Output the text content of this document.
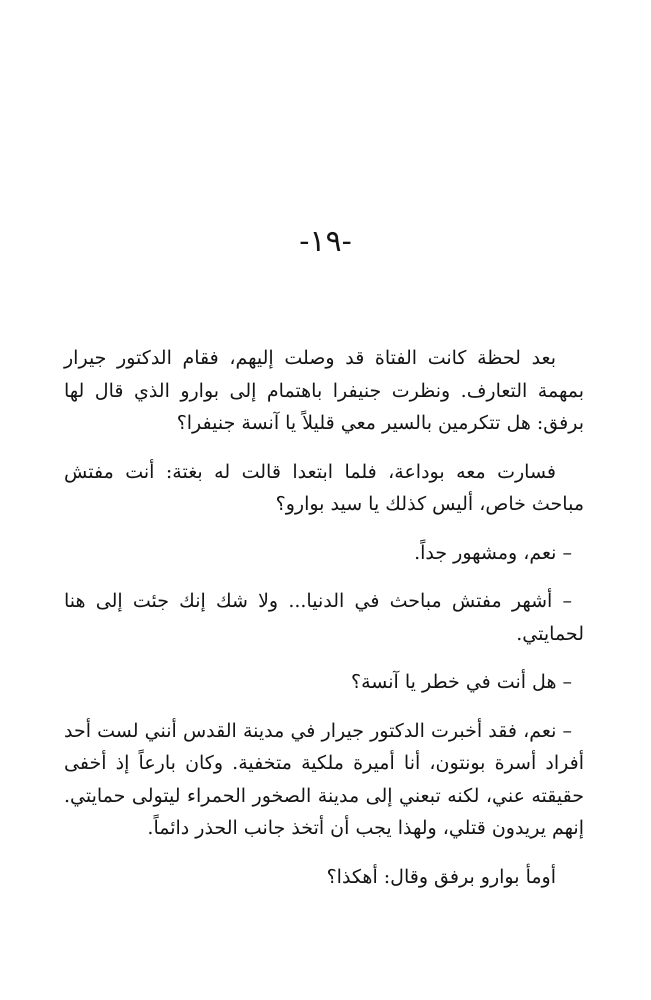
-١٩-

بعد لحظة كانت الفتاة قد وصلت إليهم، فقام الدكتور جيرار بمهمة التعارف. ونظرت جنيفرا باهتمام إلى بوارو الذي قال لها برفق: هل تتكرمين بالسير معي قليلاً يا آنسة جنيفرا؟

فسارت معه بوداعة، فلما ابتعدا قالت له بغتة: أنت مفتش مباحث خاص، أليس كذلك يا سيد بوارو؟

– نعم، ومشهور جداً.

– أشهر مفتش مباحث في الدنيا... ولا شك إنك جئت إلى هنا لحمايتي.

– هل أنت في خطر يا آنسة؟

– نعم، فقد أخبرت الدكتور جيرار في مدينة القدس أنني لست أحد أفراد أسرة بونتون، أنا أميرة ملكية متخفية. وكان بارعاً إذ أخفى حقيقته عني، لكنه تبعني إلى مدينة الصخور الحمراء ليتولى حمايتي. إنهم يريدون قتلي، ولهذا يجب أن أتخذ جانب الحذر دائماً.

أومأ بوارو برفق وقال: أهكذا؟
